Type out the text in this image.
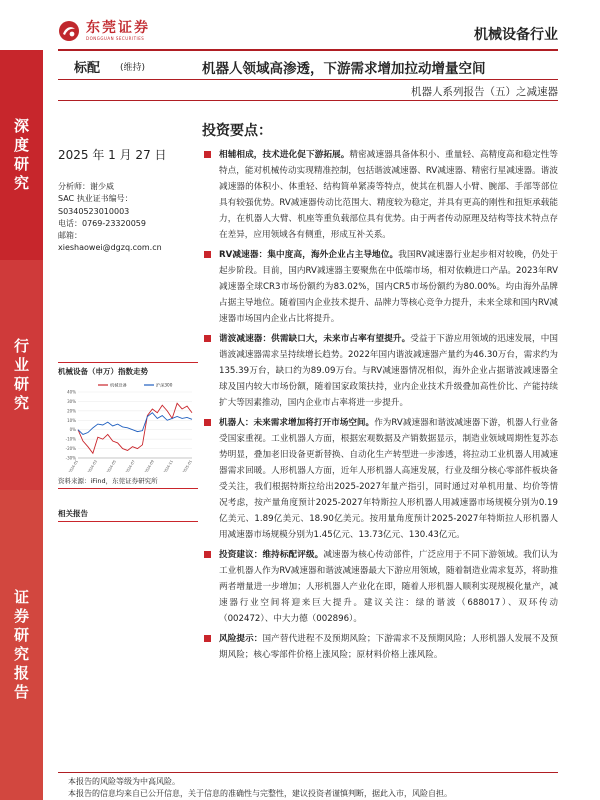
东莞证券
DONGGUAN SECURITIES	机械设备行业
深
度
研
究
行
业
研
究
证
券
研
究
报
告
标配 (维持)	机器人领域高渗透，下游需求增加拉动增量空间
机器人系列报告（五）之减速器
2025 年 1 月 27 日
分析师：谢少威
SAC 执业证书编号：
S0340523010003
电话：0769-23320059
邮箱：
xieshaowei@dgzq.com.cn
机械设备（申万）指数走势
40%
30%
20%
10%
0%
-10%
-20%
-30%
2024-01 2024-03 2024-05 2024-07 2024-09 2024-11 2025-01
机械设备	沪深300
资料来源：iFind，东莞证券研究所
相关报告
投资要点：
相辅相成，技术进化促下游拓展。精密减速器具备体积小、重量轻、高精度高和稳定性等特点，能对机械传动实现精准控制，包括谐波减速器、RV减速器、精密行星减速器。谐波减速器的体积小、体重轻、结构简单紧凑等特点，使其在机器人小臂、腕部、手部等部位具有较强优势。RV减速器传动比范围大、精度较为稳定，并具有更高的刚性和扭矩承载能力，在机器人大臂、机座等重负载部位具有优势。由于两者传动原理及结构等技术特点存在差异，应用领域各有侧重，形成互补关系。
RV减速器：集中度高，海外企业占主导地位。我国RV减速器行业起步相对较晚，仍处于起步阶段。目前，国内RV减速器主要聚焦在中低端市场，相对依赖进口产品。2023年RV减速器全球CR3市场份额约为83.02%，国内CR5市场份额约为80.00%。均由海外品牌占据主导地位。随着国内企业技术提升、品牌力等核心竞争力提升，未来全球和国内RV减速器市场国内企业占比将提升。
谐波减速器：供需缺口大，未来市占率有望提升。受益于下游应用领域的迅速发展，中国谐波减速器需求呈持续增长趋势。2022年国内谐波减速器产量约为46.30万台，需求约为135.39万台，缺口约为89.09万台。与RV减速器情况相似，海外企业占据谐波减速器全球及国内较大市场份额，随着国家政策扶持，业内企业技术升级叠加高性价比、产能持续扩大等因素推动，国内企业市占率将进一步提升。
机器人：未来需求增加将打开市场空间。作为RV减速器和谐波减速器下游，机器人行业备受国家重视。工业机器人方面，根据宏观数据及产销数据显示，制造业领域周期性复苏态势明显，叠加老旧设备更新替换、自动化生产转型进一步渗透，将拉动工业机器人用减速器需求回暖。人形机器人方面，近年人形机器人高速发展，行业及细分核心零部件板块备受关注，我们根据特斯拉给出2025-2027年量产指引，同时通过对单机用量、均价等情况考虑，按产量角度预计2025-2027年特斯拉人形机器人用减速器市场规模分别为0.19亿美元、1.89亿美元、18.90亿美元。按用量角度预计2025-2027年特斯拉人形机器人用减速器市场规模分别为1.45亿元、13.73亿元、130.43亿元。
投资建议：维持标配评级。减速器为核心传动部件，广泛应用于不同下游领域。我们认为工业机器人作为RV减速器和谐波减速器最大下游应用领域，随着制造业需求复苏，将助推两者增量进一步增加；人形机器人产业化在即，随着人形机器人顺利实现规模化量产，减速器行业空间将迎来巨大提升。建议关注：绿的谐波（688017）、双环传动（002472）、中大力德（002896）。
风险提示：国产替代进程不及预期风险；下游需求不及预期风险；人形机器人发展不及预期风险；核心零部件价格上涨风险；原材料价格上涨风险。
本报告的风险等级为中高风险。
本报告的信息均来自已公开信息，关于信息的准确性与完整性，建议投资者谨慎判断，据此入市，风险自担。
